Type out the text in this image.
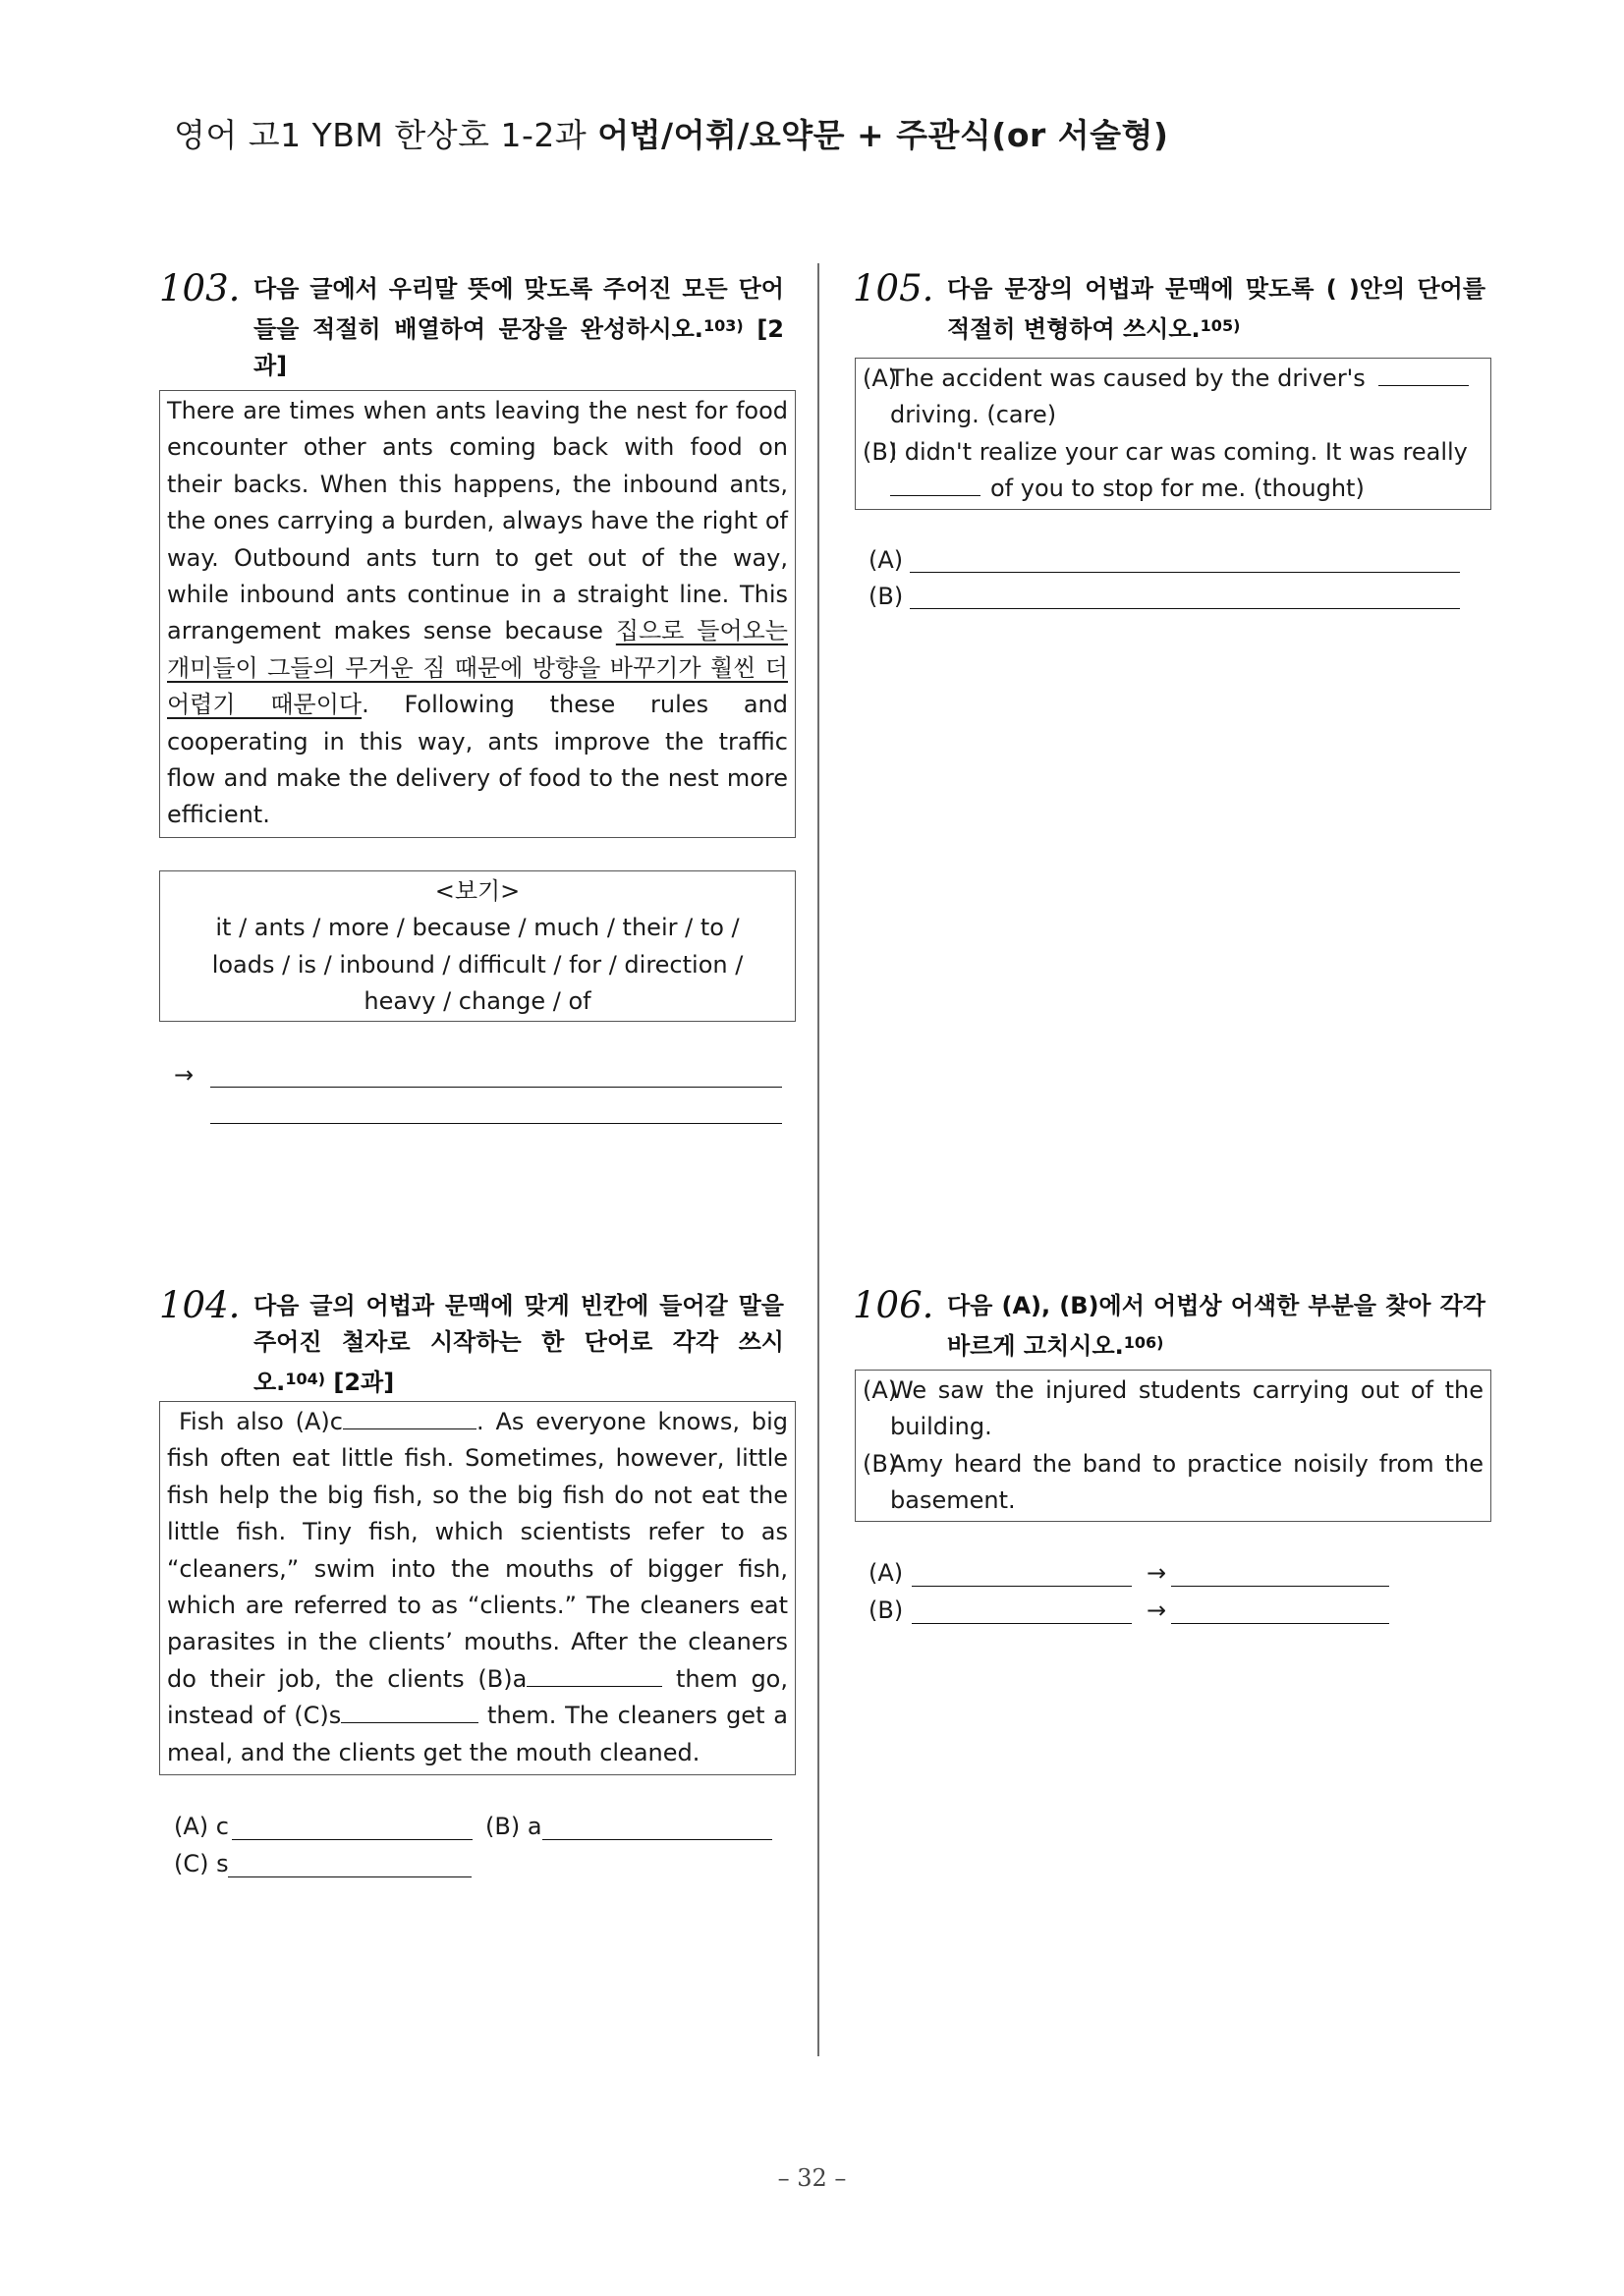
영어 고1 YBM 한상호 1-2과 어법/어휘/요약문 + 주관식(or 서술형)
103. 다음 글에서 우리말 뜻에 맞도록 주어진 모든 단어들을 적절히 배열하여 문장을 완성하시오.$^{103)}$ [2과]
There are times when ants leaving the nest for food encounter other ants coming back with food on their backs. When this happens, the inbound ants, the ones carrying a burden, always have the right of way. Outbound ants turn to get out of the way, while inbound ants continue in a straight line. This arrangement makes sense because 집으로 들어오는 개미들이 그들의 무거운 짐 때문에 방향을 바꾸기가 훨씬 더 어렵기 때문이다. Following these rules and cooperating in this way, ants improve the traffic flow and make the delivery of food to the nest more efficient.
<보기>
it / ants / more / because / much / their / to / loads / is / inbound / difficult / for / direction / heavy / change / of
→
104. 다음 글의 어법과 문맥에 맞게 빈칸에 들어갈 말을 주어진 철자로 시작하는 한 단어로 각각 쓰시오.$^{104)}$ [2과]
Fish also (A)c	. As everyone knows, big fish often eat little fish. Sometimes, however, little fish help the big fish, so the big fish do not eat the little fish. Tiny fish, which scientists refer to as “cleaners,” swim into the mouths of bigger fish, which are referred to as “clients.” The cleaners eat parasites in the clients’ mouths. After the cleaners do their job, the clients (B)a	them go, instead of (C)s	them. The cleaners get a meal, and the clients get the mouth cleaned.
(A) c	(B) a
(C) s
105. 다음 문장의 어법과 문맥에 맞도록 ( )안의 단어를 적절히 변형하여 쓰시오.$^{105)}$
(A)
The accident was caused by the driver's
driving. (care)
(B)
I didn't realize your car was coming. It was really
of you to stop for me. (thought)
(A)
(B)
106. 다음 (A), (B)에서 어법상 어색한 부분을 찾아 각각 바르게 고치시오.$^{106)}$
(A)
We saw the injured students carrying out of the building.
(B)
Amy heard the band to practice noisily from the basement.
(A)	→
(B)	→
– 32 –
